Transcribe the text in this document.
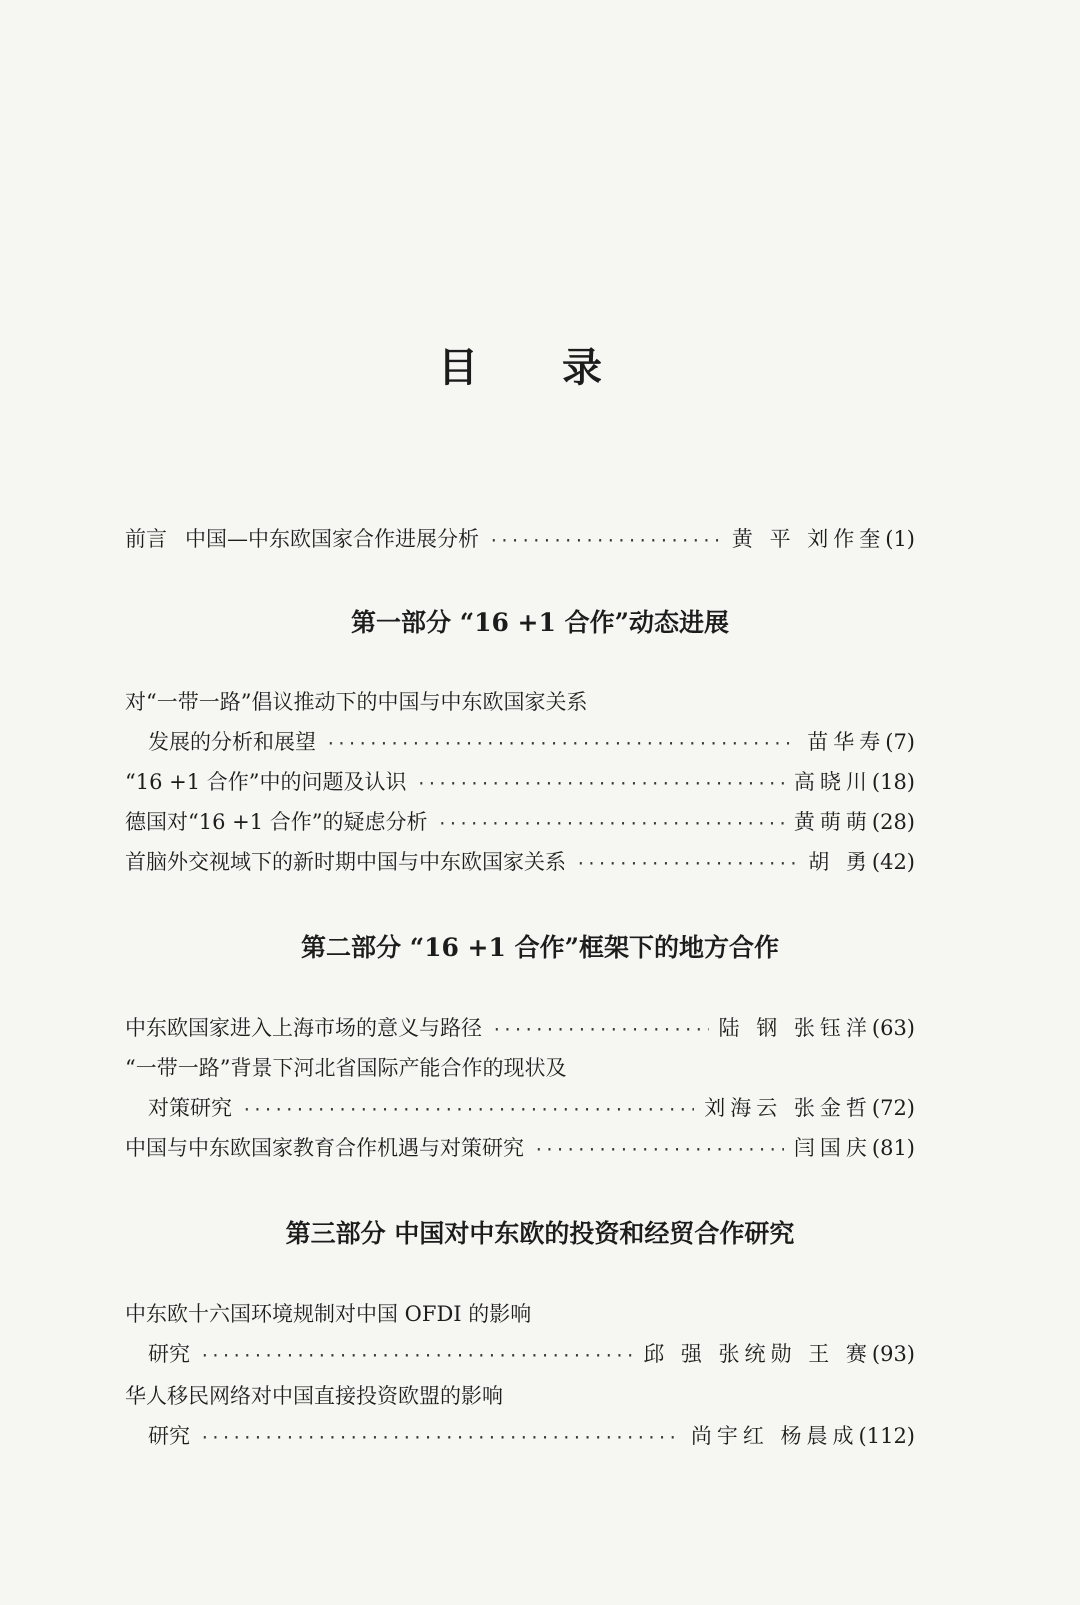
目 录
前言 中国—中东欧国家合作进展分析 ·····	黄 平 刘作奎 (1)
第一部分 “16 +1 合作”动态进展
对“一带一路”倡议推动下的中国与中东欧国家关系
发展的分析和展望 ·····	苗华寿 (7)
“16 +1 合作”中的问题及认识 ·····	高晓川 (18)
德国对“16 +1 合作”的疑虑分析 ·····	黄萌萌 (28)
首脑外交视域下的新时期中国与中东欧国家关系 ·····	胡 勇 (42)
第二部分 “16 +1 合作”框架下的地方合作
中东欧国家进入上海市场的意义与路径 ·····	陆 钢 张钰洋 (63)
“一带一路”背景下河北省国际产能合作的现状及
对策研究 ·····	刘海云 张金哲 (72)
中国与中东欧国家教育合作机遇与对策研究 ·····	闫国庆 (81)
第三部分 中国对中东欧的投资和经贸合作研究
中东欧十六国环境规制对中国 OFDI 的影响
研究 ·····	邱 强 张统勋 王 赛 (93)
华人移民网络对中国直接投资欧盟的影响
研究 ·····	尚宇红 杨晨成 (112)
